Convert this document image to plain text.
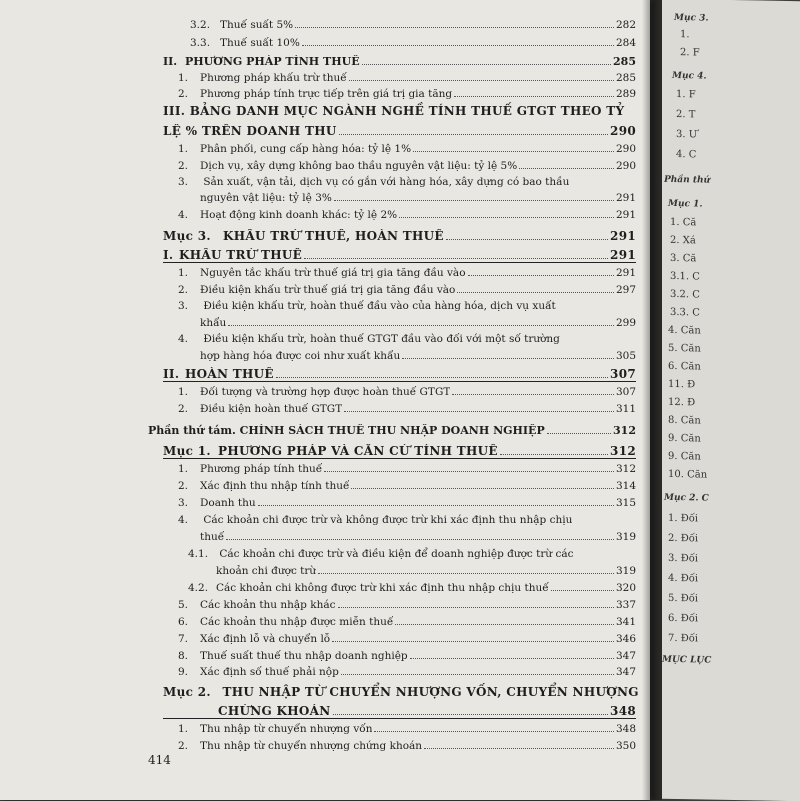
3.2. Thuế suất 5%	282
3.3. Thuế suất 10%	284
II. PHƯƠNG PHÁP TÍNH THUẾ	285
1.	Phương pháp khấu trừ thuế	285
2.	Phương pháp tính trực tiếp trên giá trị gia tăng	289
III. BẢNG DANH MỤC NGÀNH NGHỀ TÍNH THUẾ GTGT THEO TỶ
LỆ % TRÊN DOANH THU	290
1.	Phân phối, cung cấp hàng hóa: tỷ lệ 1%	290
2.	Dịch vụ, xây dựng không bao thầu nguyên vật liệu: tỷ lệ 5%	290
3. Sản xuất, vận tải, dịch vụ có gắn với hàng hóa, xây dựng có bao thầu
nguyên vật liệu: tỷ lệ 3%	291
4.	Hoạt động kinh doanh khác: tỷ lệ 2%	291
Mục 3.	KHẤU TRỪ THUẾ, HOÀN THUẾ	291
I. KHẤU TRỪ THUẾ	291
1.	Nguyên tắc khấu trừ thuế giá trị gia tăng đầu vào	291
2.	Điều kiện khấu trừ thuế giá trị gia tăng đầu vào	297
3. Điều kiện khấu trừ, hoàn thuế đầu vào của hàng hóa, dịch vụ xuất
khẩu	299
4. Điều kiện khấu trừ, hoàn thuế GTGT đầu vào đối với một số trường
hợp hàng hóa được coi như xuất khẩu	305
II. HOÀN THUẾ	307
1.	Đối tượng và trường hợp được hoàn thuế GTGT	307
2.	Điều kiện hoàn thuế GTGT	311
Phần thứ tám. CHÍNH SÁCH THUẾ THU NHẬP DOANH NGHIỆP	312
Mục 1. PHƯƠNG PHÁP VÀ CĂN CỨ TÍNH THUẾ	312
1.	Phương pháp tính thuế	312
2.	Xác định thu nhập tính thuế	314
3.	Doanh thu	315
4. Các khoản chi được trừ và không được trừ khi xác định thu nhập chịu
thuế	319
4.1. Các khoản chi được trừ và điều kiện để doanh nghiệp được trừ các
khoản chi được trừ	319
4.2. Các khoản chi không được trừ khi xác định thu nhập chịu thuế	320
5.	Các khoản thu nhập khác	337
6.	Các khoản thu nhập được miễn thuế	341
7.	Xác định lỗ và chuyển lỗ	346
8.	Thuế suất thuế thu nhập doanh nghiệp	347
9.	Xác định số thuế phải nộp	347
Mục 2. THU NHẬP TỪ CHUYỂN NHƯỢNG VỐN, CHUYỂN NHƯỢNG
CHỨNG KHOÁN	348
1.	Thu nhập từ chuyển nhượng vốn	348
2.	Thu nhập từ chuyển nhượng chứng khoán	350
414
Mục 3.
1.
2. F
Mục 4.
1. F
2. T
3. Ư
4. C
Phần thứ
Mục 1.
1. Că
2. Xá
3. Că
3.1. C
3.2. C
3.3. C
4. Căn
5. Căn
6. Căn
11. Đ
12. Đ
8. Căn
9. Căn
9. Căn
10. Căn
Mục 2. C
1. Đối
2. Đối
3. Đối
4. Đối
5. Đối
6. Đối
7. Đối
MỤC LỤC
